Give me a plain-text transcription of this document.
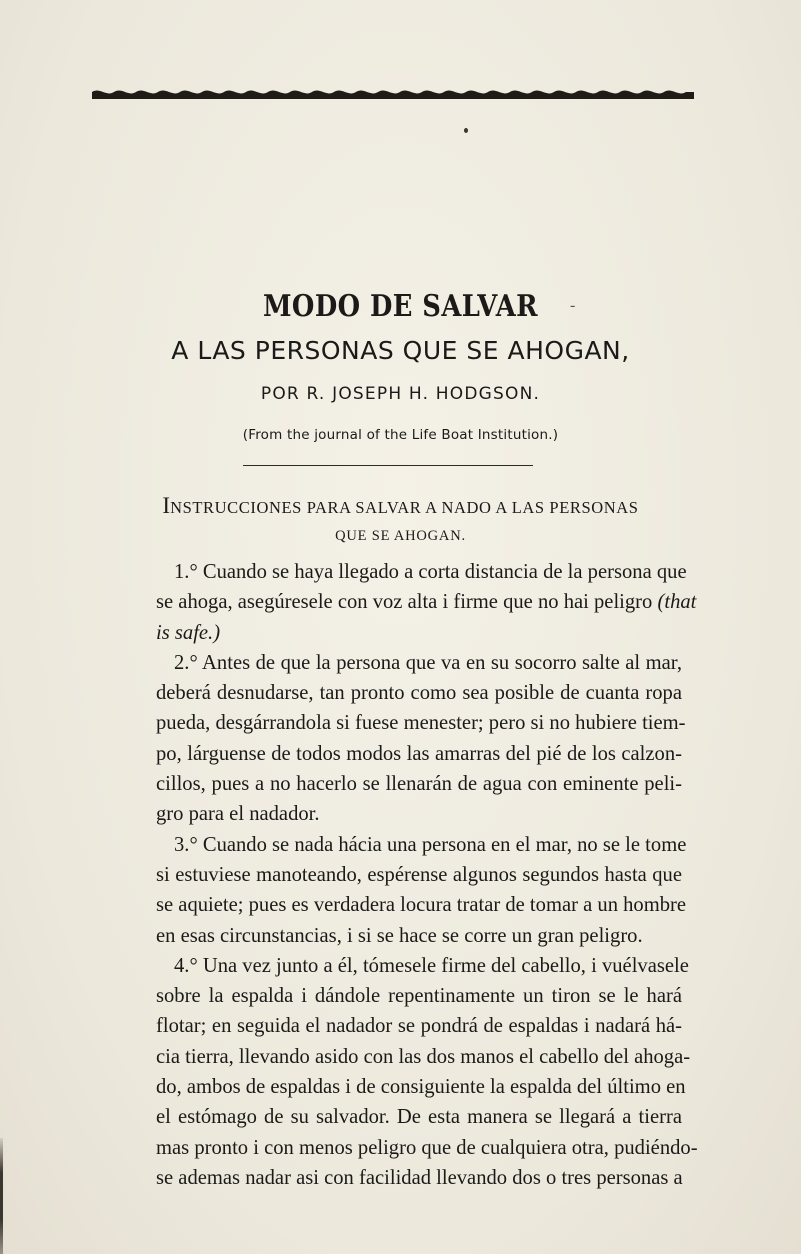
MODO DE SALVAR	-
A LAS PERSONAS QUE SE AHOGAN,
POR R. JOSEPH H. HODGSON.
(From the journal of the Life Boat Institution.)
INSTRUCCIONES PARA SALVAR A NADO A LAS PERSONAS
QUE SE AHOGAN.
1.° Cuando se haya llegado a corta distancia de la persona que
se ahoga, asegúresele con voz alta i firme que no hai peligro (that
is safe.)
2.° Antes de que la persona que va en su socorro salte al mar,
deberá desnudarse, tan pronto como sea posible de cuanta ropa
pueda, desgárrandola si fuese menester; pero si no hubiere tiem-
po, lárguense de todos modos las amarras del pié de los calzon-
cillos, pues a no hacerlo se llenarán de agua con eminente peli-
gro para el nadador.
3.° Cuando se nada hácia una persona en el mar, no se le tome
si estuviese manoteando, espérense algunos segundos hasta que
se aquiete; pues es verdadera locura tratar de tomar a un hombre
en esas circunstancias, i si se hace se corre un gran peligro.
4.° Una vez junto a él, tómesele firme del cabello, i vuélvasele
sobre la espalda i dándole repentinamente un tiron se le hará
flotar; en seguida el nadador se pondrá de espaldas i nadará há-
cia tierra, llevando asido con las dos manos el cabello del ahoga-
do, ambos de espaldas i de consiguiente la espalda del último en
el estómago de su salvador. De esta manera se llegará a tierra
mas pronto i con menos peligro que de cualquiera otra, pudiéndo-
se ademas nadar asi con facilidad llevando dos o tres personas a
